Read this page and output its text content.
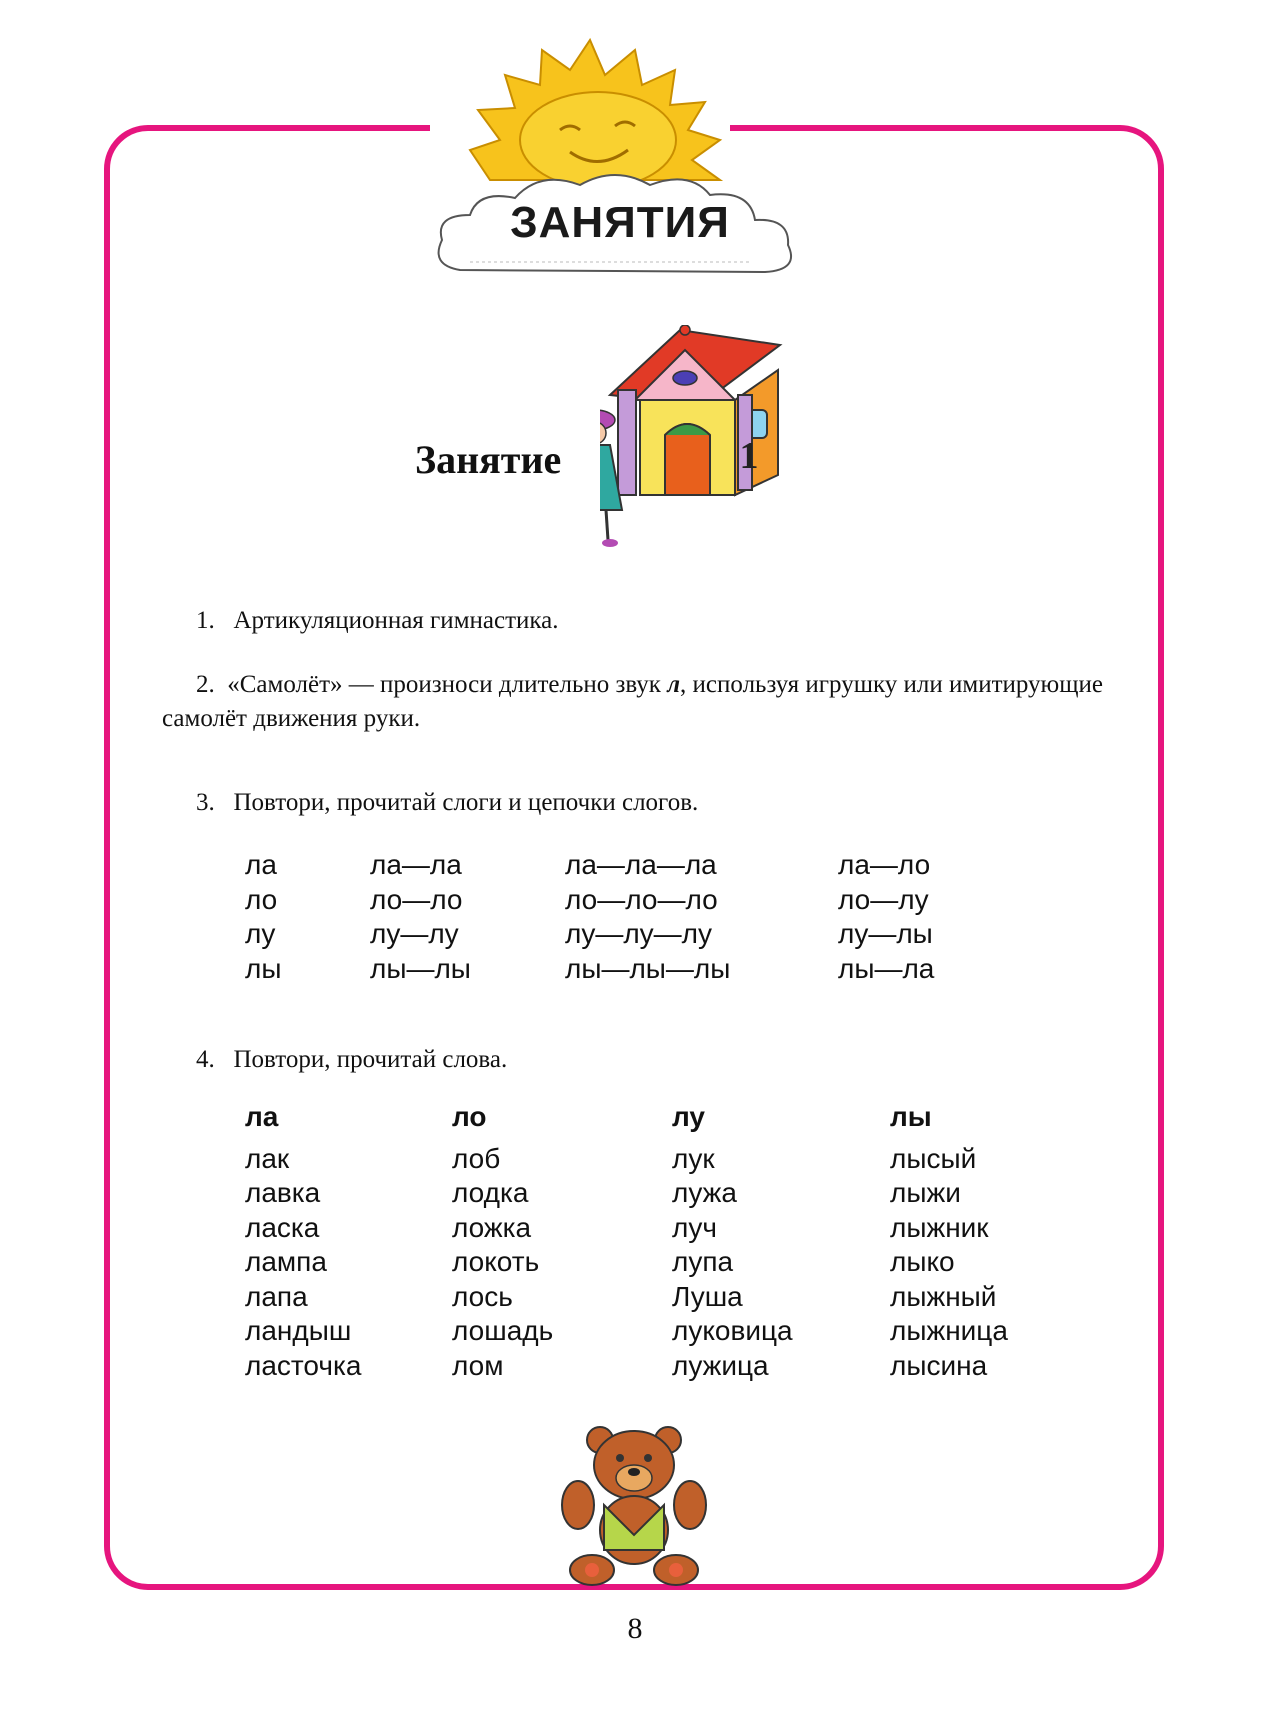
ЗАНЯТИЯ
Занятие	1
1. Артикуляционная гимнастика.
2. «Самолёт» — произноси длительно звук л, используя игрушку или имитирующие самолёт движения руки.
3. Повтори, прочитай слоги и цепочки слогов.
ла
ло
лу
лы
ла—ла
ло—ло
лу—лу
лы—лы
ла—ла—ла
ло—ло—ло
лу—лу—лу
лы—лы—лы
ла—ло
ло—лу
лу—лы
лы—ла
4. Повтори, прочитай слова.
ла
лак
лавка
ласка
лампа
лапа
ландыш
ласточка
ло
лоб
лодка
ложка
локоть
лось
лошадь
лом
лу
лук
лужа
луч
лупа
Луша
луковица
лужица
лы
лысый
лыжи
лыжник
лыко
лыжный
лыжница
лысина
8
